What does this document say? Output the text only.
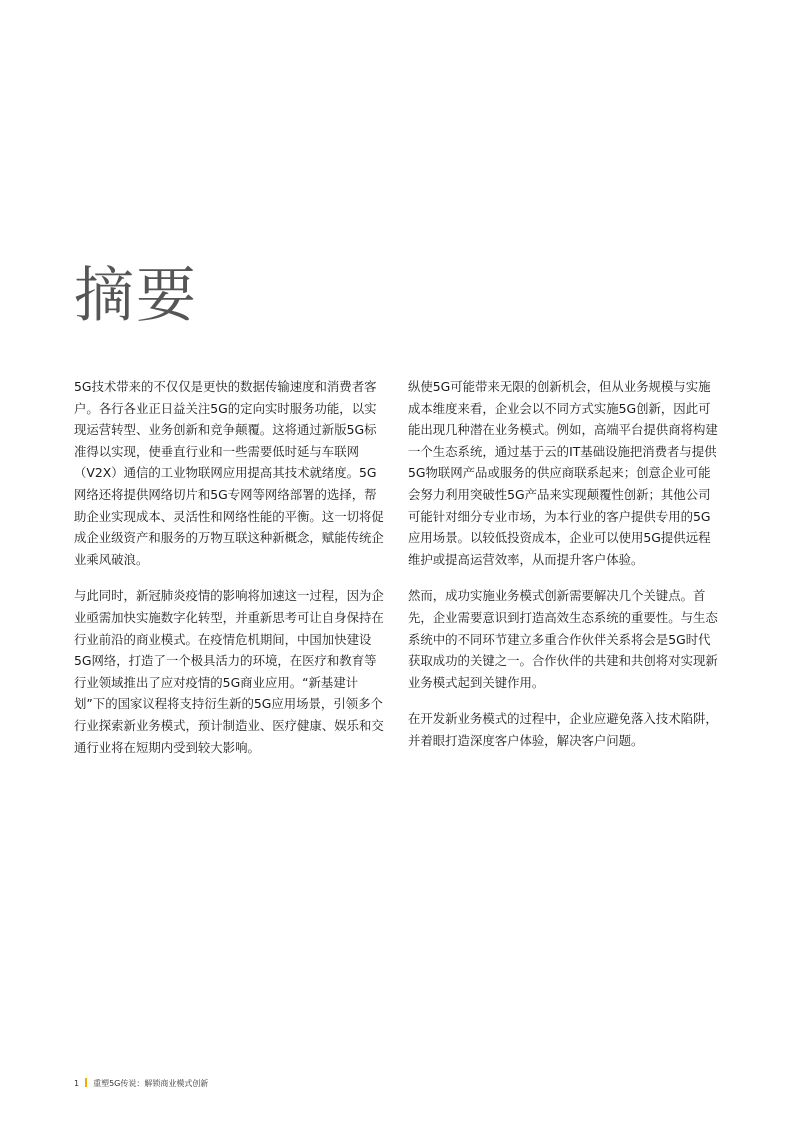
摘要

5G技术带来的不仅仅是更快的数据传输速度和消费者客户。各行各业正日益关注5G的定向实时服务功能，以实现运营转型、业务创新和竞争颠覆。这将通过新版5G标准得以实现，使垂直行业和一些需要低时延与车联网（V2X）通信的工业物联网应用提高其技术就绪度。5G网络还将提供网络切片和5G专网等网络部署的选择，帮助企业实现成本、灵活性和网络性能的平衡。这一切将促成企业级资产和服务的万物互联这种新概念，赋能传统企业乘风破浪。

与此同时，新冠肺炎疫情的影响将加速这一过程，因为企业亟需加快实施数字化转型，并重新思考可让自身保持在行业前沿的商业模式。在疫情危机期间，中国加快建设5G网络，打造了一个极具活力的环境，在医疗和教育等行业领域推出了应对疫情的5G商业应用。“新基建计划”下的国家议程将支持衍生新的5G应用场景，引领多个行业探索新业务模式，预计制造业、医疗健康、娱乐和交通行业将在短期内受到较大影响。

纵使5G可能带来无限的创新机会，但从业务规模与实施成本维度来看，企业会以不同方式实施5G创新，因此可能出现几种潜在业务模式。例如，高端平台提供商将构建一个生态系统，通过基于云的IT基础设施把消费者与提供5G物联网产品或服务的供应商联系起来；创意企业可能会努力利用突破性5G产品来实现颠覆性创新；其他公司可能针对细分专业市场，为本行业的客户提供专用的5G应用场景。以较低投资成本，企业可以使用5G提供远程维护或提高运营效率，从而提升客户体验。

然而，成功实施业务模式创新需要解决几个关键点。首先，企业需要意识到打造高效生态系统的重要性。与生态系统中的不同环节建立多重合作伙伴关系将会是5G时代获取成功的关键之一。合作伙伴的共建和共创将对实现新业务模式起到关键作用。

在开发新业务模式的过程中，企业应避免落入技术陷阱，并着眼打造深度客户体验，解决客户问题。

1 重塑5G传说：解锁商业模式创新
